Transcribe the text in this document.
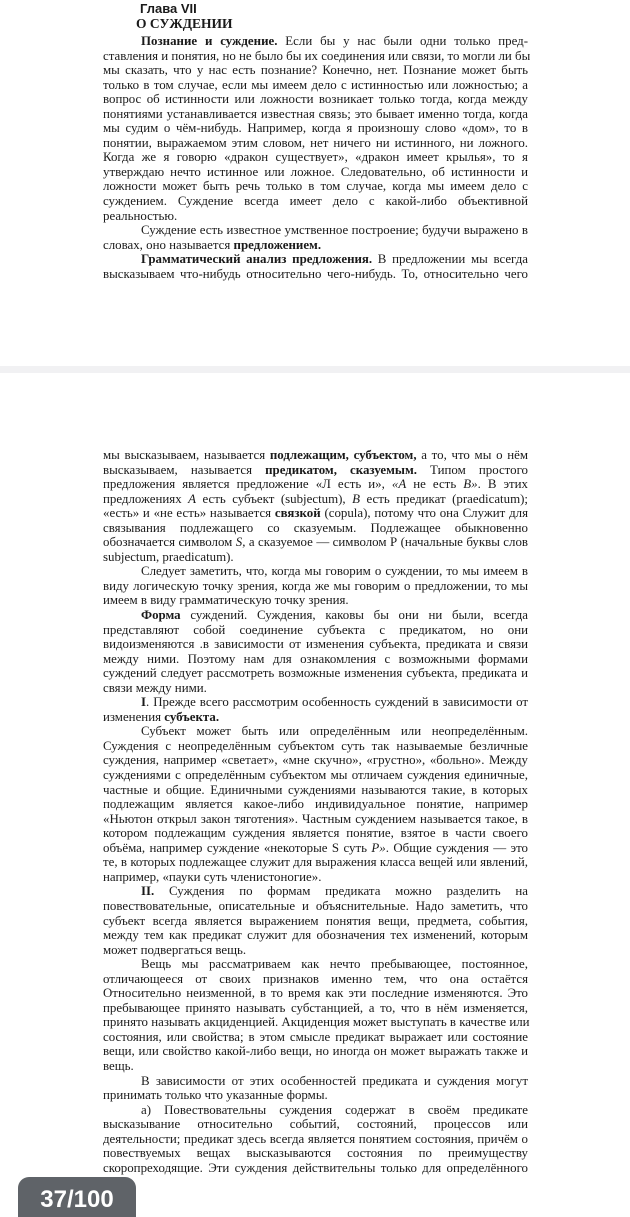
Глава VII
О СУЖДЕНИИ
Познание и суждение. Если бы у нас были одни только пред-
ставления и понятия, но не было бы их соединения или связи, то могли ли бы
мы сказать, что у нас есть познание? Конечно, нет. Познание может быть
только в том случае, если мы имеем дело с истинностью или ложностью; а
вопрос об истинности или ложности возникает только тогда, когда между
понятиями устанавливается известная связь; это бывает именно тогда, когда
мы судим о чём-нибудь. Например, когда я произношу слово «дом», то в
понятии, выражаемом этим словом, нет ничего ни истинного, ни ложного.
Когда же я говорю «дракон существует», «дракон имеет крылья», то я
утверждаю нечто истинное или ложное. Следовательно, об истинности и
ложности может быть речь только в том случае, когда мы имеем дело с
суждением. Суждение всегда имеет дело с какой-либо объективной
реальностью.
Суждение есть известное умственное построение; будучи выражено в
словах, оно называется предложением.
Грамматический анализ предложения. В предложении мы всегда
высказываем что-нибудь относительно чего-нибудь. То, относительно чего
мы высказываем, называется подлежащим, субъектом, а то, что мы о нём
высказываем, называется предикатом, сказуемым. Типом простого
предложения является предложение «Л есть и», «А не есть В». В этих
предложениях А есть субъект (subjectum), В есть предикат (praedicatum);
«есть» и «не есть» называется связкой (copula), потому что она Служит для
связывания подлежащего со сказуемым. Подлежащее обыкновенно
обозначается символом S, а сказуемое — символом Р (начальные буквы слов
subjectum, praedicatum).
Следует заметить, что, когда мы говорим о суждении, то мы имеем в
виду логическую точку зрения, когда же мы говорим о предложении, то мы
имеем в виду грамматическую точку зрения.
Форма суждений. Суждения, каковы бы они ни были, всегда
представляют собой соединение субъекта с предикатом, но они
видоизменяются .в зависимости от изменения субъекта, предиката и связи
между ними. Поэтому нам для ознакомления с возможными формами
суждений следует рассмотреть возможные изменения субъекта, предиката и
связи между ними.
I. Прежде всего рассмотрим особенность суждений в зависимости от
изменения субъекта.
Субъект может быть или определённым или неопределённым.
Суждения с неопределённым субъектом суть так называемые безличные
суждения, например «светает», «мне скучно», «грустно», «больно». Между
суждениями с определённым субъектом мы отличаем суждения единичные,
частные и общие. Единичными суждениями называются такие, в которых
подлежащим является какое-либо индивидуальное понятие, например
«Ньютон открыл закон тяготения». Частным суждением называется такое, в
котором подлежащим суждения является понятие, взятое в части своего
объёма, например суждение «некоторые S суть Р». Общие суждения — это
те, в которых подлежащее служит для выражения класса вещей или явлений,
например, «пауки суть членистоногие».
II. Суждения по формам предиката можно разделить на
повествовательные, описательные и объяснительные. Надо заметить, что
субъект всегда является выражением понятия вещи, предмета, события,
между тем как предикат служит для обозначения тех изменений, которым
может подвергаться вещь.
Вещь мы рассматриваем как нечто пребывающее, постоянное,
отличающееся от своих признаков именно тем, что она остаётся
Относительно неизменной, в то время как эти последние изменяются. Это
пребывающее принято называть субстанцией, а то, что в нём изменяется,
принято называть акциденцией. Акциденция может выступать в качестве или
состояния, или свойства; в этом смысле предикат выражает или состояние
вещи, или свойство какой-либо вещи, но иногда он может выражать также и
вещь.
В зависимости от этих особенностей предиката и суждения могут
принимать только что указанные формы.
а) Повествовательны суждения содержат в своём предикате
высказывание относительно событий, состояний, процессов или
деятельности; предикат здесь всегда является понятием состояния, причём о
повествуемых вещах высказываются состояния по преимуществу
скоропреходящие. Эти суждения действительны только для определённого
37/100
